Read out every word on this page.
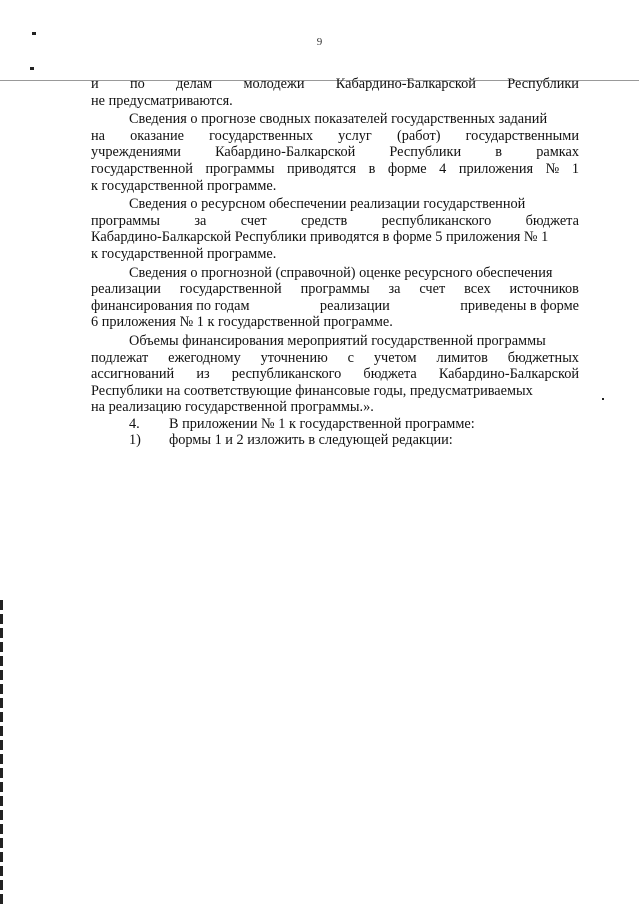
9
и по делам молодежи Кабардино-Балкарской Республики
не предусматриваются.
Сведения о прогнозе сводных показателей государственных заданий
на оказание государственных услуг (работ) государственными
учреждениями Кабардино-Балкарской Республики в рамках
государственной программы приводятся в форме 4 приложения № 1
к государственной программе.
Сведения о ресурсном обеспечении реализации государственной
программы за счет средств республиканского бюджета
Кабардино-Балкарской Республики приводятся в форме 5 приложения № 1
к государственной программе.
Сведения о прогнозной (справочной) оценке ресурсного обеспечения
реализации государственной программы за счет всех источников
финансирования по годам	реализации	приведены в форме
6 приложения № 1 к государственной программе.
Объемы финансирования мероприятий государственной программы
подлежат ежегодному уточнению с учетом лимитов бюджетных
ассигнований из республиканского бюджета Кабардино-Балкарской
Республики на соответствующие финансовые годы, предусматриваемых
на реализацию государственной программы.».
4.	В приложении № 1 к государственной программе:
1)	формы 1 и 2 изложить в следующей редакции:
